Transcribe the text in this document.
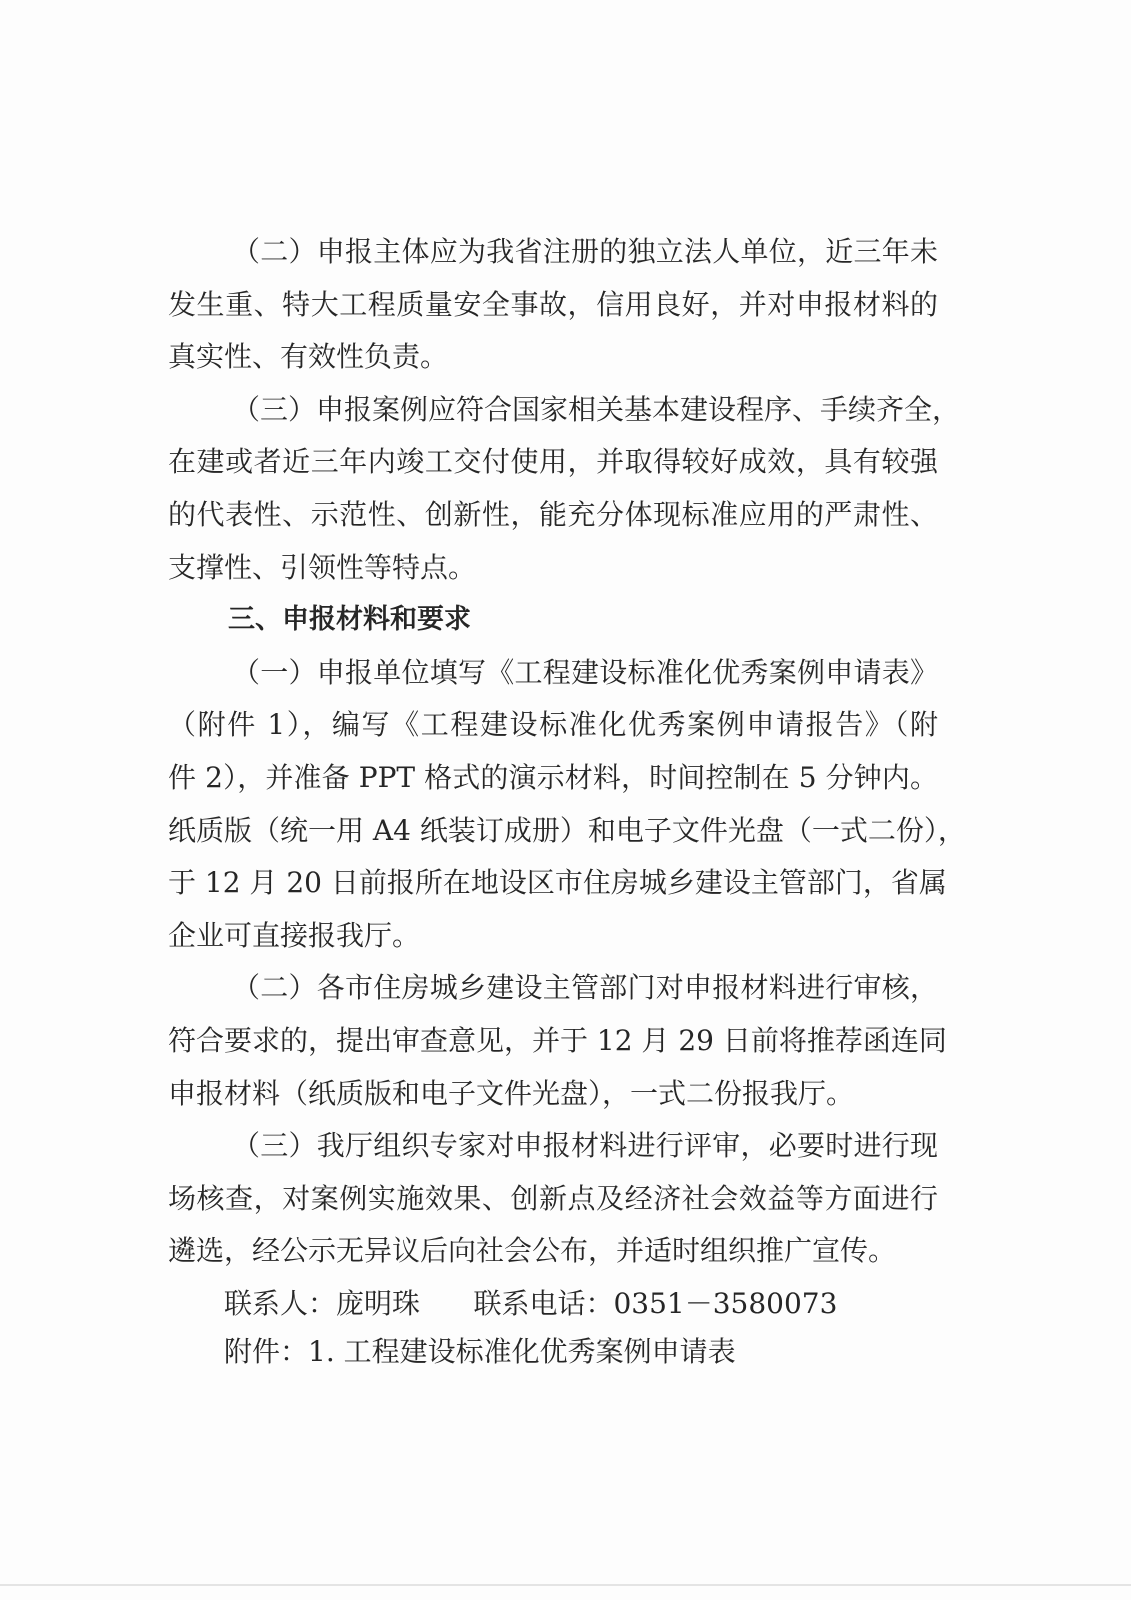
（二）申报主体应为我省注册的独立法人单位，近三年未
发生重、特大工程质量安全事故，信用良好，并对申报材料的
真实性、有效性负责。
（三）申报案例应符合国家相关基本建设程序、手续齐全，
在建或者近三年内竣工交付使用，并取得较好成效，具有较强
的代表性、示范性、创新性，能充分体现标准应用的严肃性、
支撑性、引领性等特点。
三、申报材料和要求
（一）申报单位填写《工程建设标准化优秀案例申请表》
（附件 1），编写《工程建设标准化优秀案例申请报告》（附
件 2），并准备 PPT 格式的演示材料，时间控制在 5 分钟内。
纸质版（统一用 A4 纸装订成册）和电子文件光盘（一式二份），
于 12 月 20 日前报所在地设区市住房城乡建设主管部门，省属
企业可直接报我厅。
（二）各市住房城乡建设主管部门对申报材料进行审核，
符合要求的，提出审查意见，并于 12 月 29 日前将推荐函连同
申报材料（纸质版和电子文件光盘），一式二份报我厅。
（三）我厅组织专家对申报材料进行评审，必要时进行现
场核查，对案例实施效果、创新点及经济社会效益等方面进行
遴选，经公示无异议后向社会公布，并适时组织推广宣传。
联系人：庞明珠 联系电话：0351－3580073
附件：1. 工程建设标准化优秀案例申请表
